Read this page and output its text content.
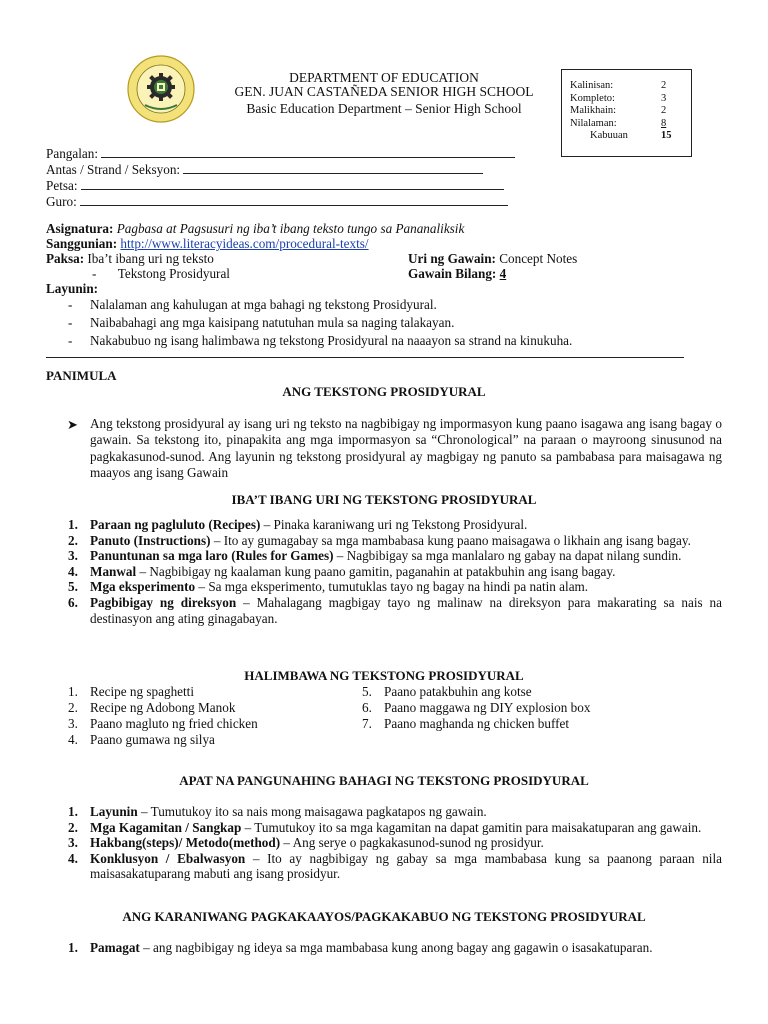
DEPARTMENT OF EDUCATION
GEN. JUAN CASTAÑEDA SENIOR HIGH SCHOOL
Basic Education Department – Senior High School
Kalinisan:	2
Kompleto:	3
Malikhain:	2
Nilalaman:	8
Kabuuan	15
Pangalan:
Antas / Strand / Seksyon:
Petsa:
Guro:
Asignatura: Pagbasa at Pagsusuri ng iba’t ibang teksto tungo sa Pananaliksik
Sanggunian: http://www.literacyideas.com/procedural-texts/
Paksa: Iba’t ibang uri ng teksto
- Tekstong Prosidyural
Uri ng Gawain: Concept Notes
Gawain Bilang: 4
Layunin:
- Nalalaman ang kahulugan at mga bahagi ng tekstong Prosidyural.
- Naibabahagi ang mga kaisipang natutuhan mula sa naging talakayan.
- Nakabubuo ng isang halimbawa ng tekstong Prosidyural na naaayon sa strand na kinukuha.
PANIMULA
ANG TEKSTONG PROSIDYURAL
➤ Ang tekstong prosidyural ay isang uri ng teksto na nagbibigay ng impormasyon kung paano isagawa ang isang bagay o gawain. Sa tekstong ito, pinapakita ang mga impormasyon sa “Chronological” na paraan o mayroong sinusunod na pagkakasunod-sunod. Ang layunin ng tekstong prosidyural ay magbigay ng panuto sa pambabasa para maisagawa ng maayos ang isang Gawain
IBA’T IBANG URI NG TEKSTONG PROSIDYURAL
1. Paraan ng pagluluto (Recipes) – Pinaka karaniwang uri ng Tekstong Prosidyural.
2. Panuto (Instructions) – Ito ay gumagabay sa mga mambabasa kung paano maisagawa o likhain ang isang bagay.
3. Panuntunan sa mga laro (Rules for Games) – Nagbibigay sa mga manlalaro ng gabay na dapat nilang sundin.
4. Manwal – Nagbibigay ng kaalaman kung paano gamitin, paganahin at patakbuhin ang isang bagay.
5. Mga eksperimento – Sa mga eksperimento, tumutuklas tayo ng bagay na hindi pa natin alam.
6. Pagbibigay ng direksyon – Mahalagang magbigay tayo ng malinaw na direksyon para makarating sa nais na destinasyon ang ating ginagabayan.
HALIMBAWA NG TEKSTONG PROSIDYURAL
1. Recipe ng spaghetti
2. Recipe ng Adobong Manok
3. Paano magluto ng fried chicken
4. Paano gumawa ng silya
5. Paano patakbuhin ang kotse
6. Paano maggawa ng DIY explosion box
7. Paano maghanda ng chicken buffet
APAT NA PANGUNAHING BAHAGI NG TEKSTONG PROSIDYURAL
1. Layunin – Tumutukoy ito sa nais mong maisagawa pagkatapos ng gawain.
2. Mga Kagamitan / Sangkap – Tumutukoy ito sa mga kagamitan na dapat gamitin para maisakatuparan ang gawain.
3. Hakbang(steps)/ Metodo(method) – Ang serye o pagkakasunod-sunod ng prosidyur.
4. Konklusyon / Ebalwasyon – Ito ay nagbibigay ng gabay sa mga mambabasa kung sa paanong paraan nila maisasakatuparang mabuti ang isang prosidyur.
ANG KARANIWANG PAGKAKAAYOS/PAGKAKABUO NG TEKSTONG PROSIDYURAL
1. Pamagat – ang nagbibigay ng ideya sa mga mambabasa kung anong bagay ang gagawin o isasakatuparan.
